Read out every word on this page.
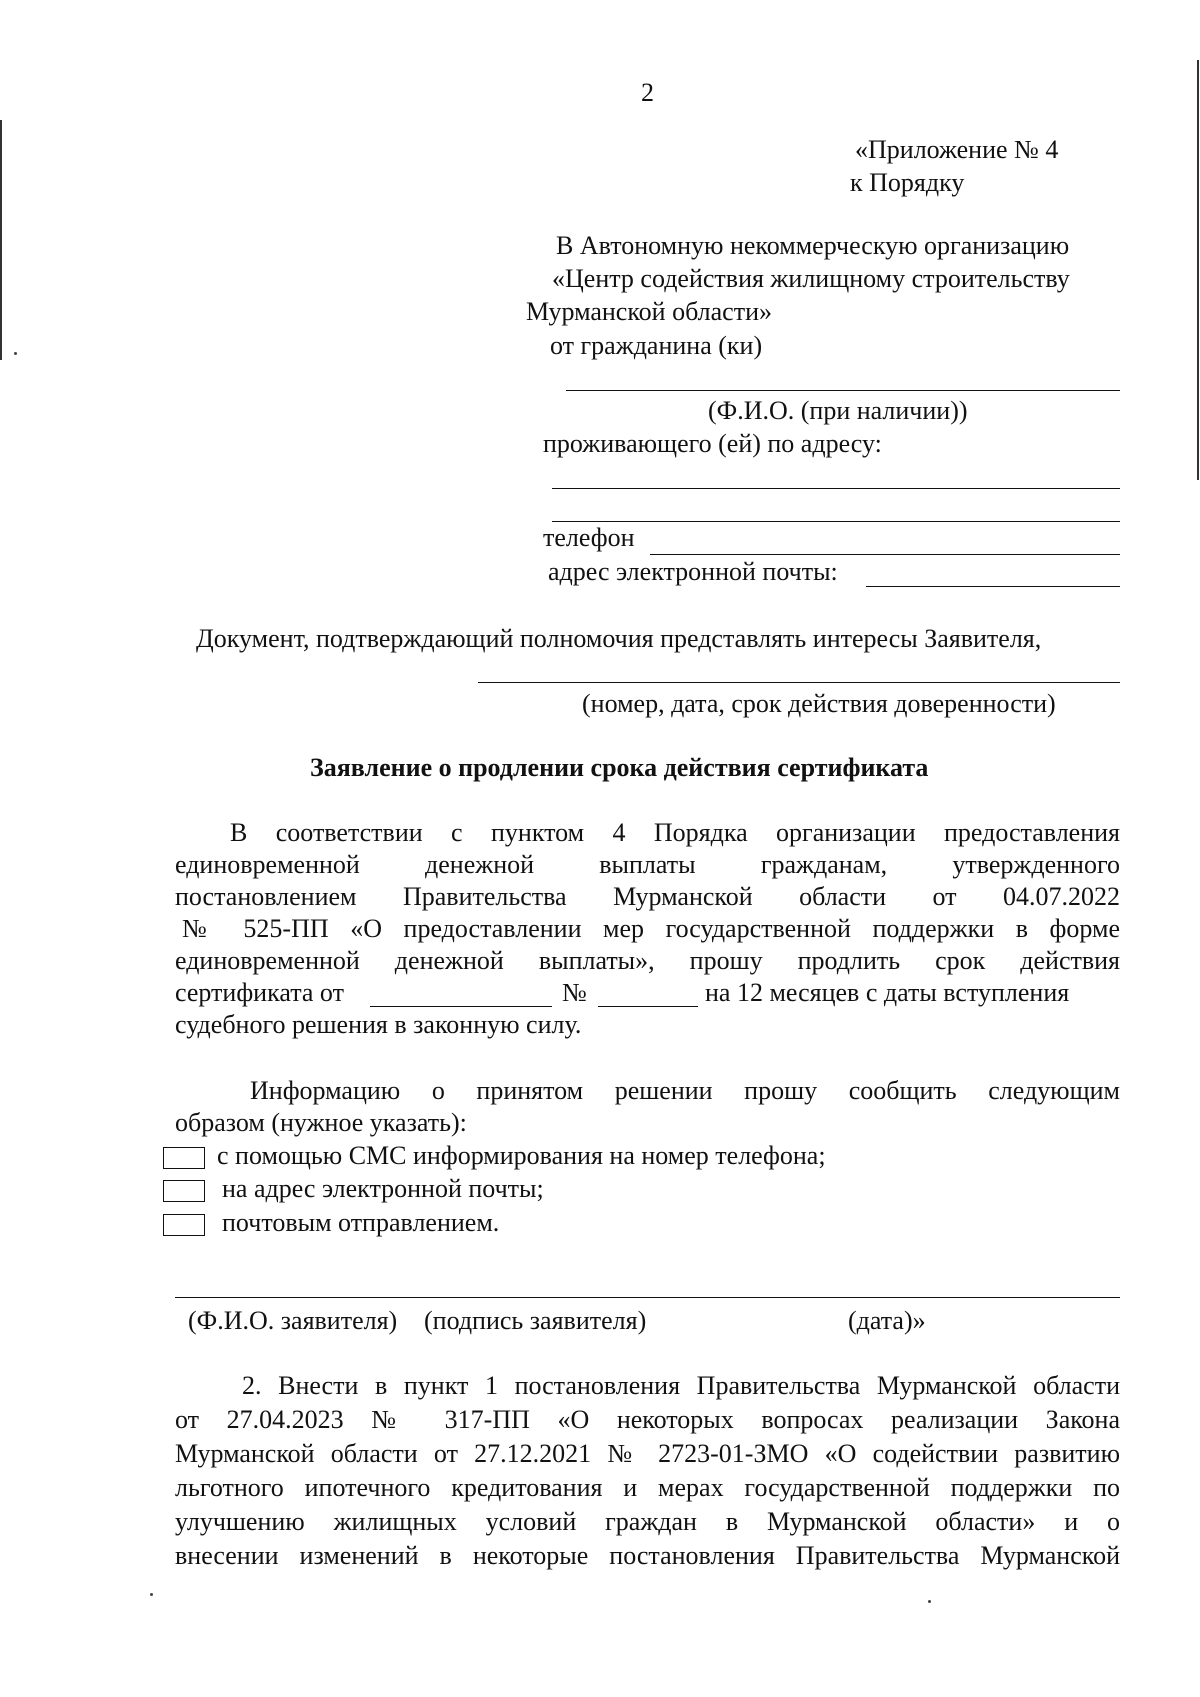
2
«Приложение № 4
к Порядку
В Автономную некоммерческую организацию
«Центр содействия жилищному строительству
Мурманской области»
от гражданина (ки)
(Ф.И.О. (при наличии))
проживающего (ей) по адресу:
телефон
адрес электронной почты:
Документ, подтверждающий полномочия представлять интересы Заявителя,
(номер, дата, срок действия доверенности)
Заявление о продлении срока действия сертификата
В соответствии с пунктом 4 Порядка организации предоставления
единовременной денежной выплаты гражданам, утвержденного
постановлением Правительства Мурманской области от 04.07.2022
№ 525-ПП «О предоставлении мер государственной поддержки в форме
единовременной денежной выплаты», прошу продлить срок действия
сертификата от	№	на 12 месяцев с даты вступления
судебного решения в законную силу.
Информацию о принятом решении прошу сообщить следующим
образом (нужное указать):
с помощью СМС информирования на номер телефона;
на адрес электронной почты;
почтовым отправлением.
(Ф.И.О. заявителя) (подпись заявителя)	(дата)»
2. Внести в пункт 1 постановления Правительства Мурманской области
от 27.04.2023 № 317-ПП «О некоторых вопросах реализации Закона
Мурманской области от 27.12.2021 № 2723-01-ЗМО «О содействии развитию
льготного ипотечного кредитования и мерах государственной поддержки по
улучшению жилищных условий граждан в Мурманской области» и о
внесении изменений в некоторые постановления Правительства Мурманской
